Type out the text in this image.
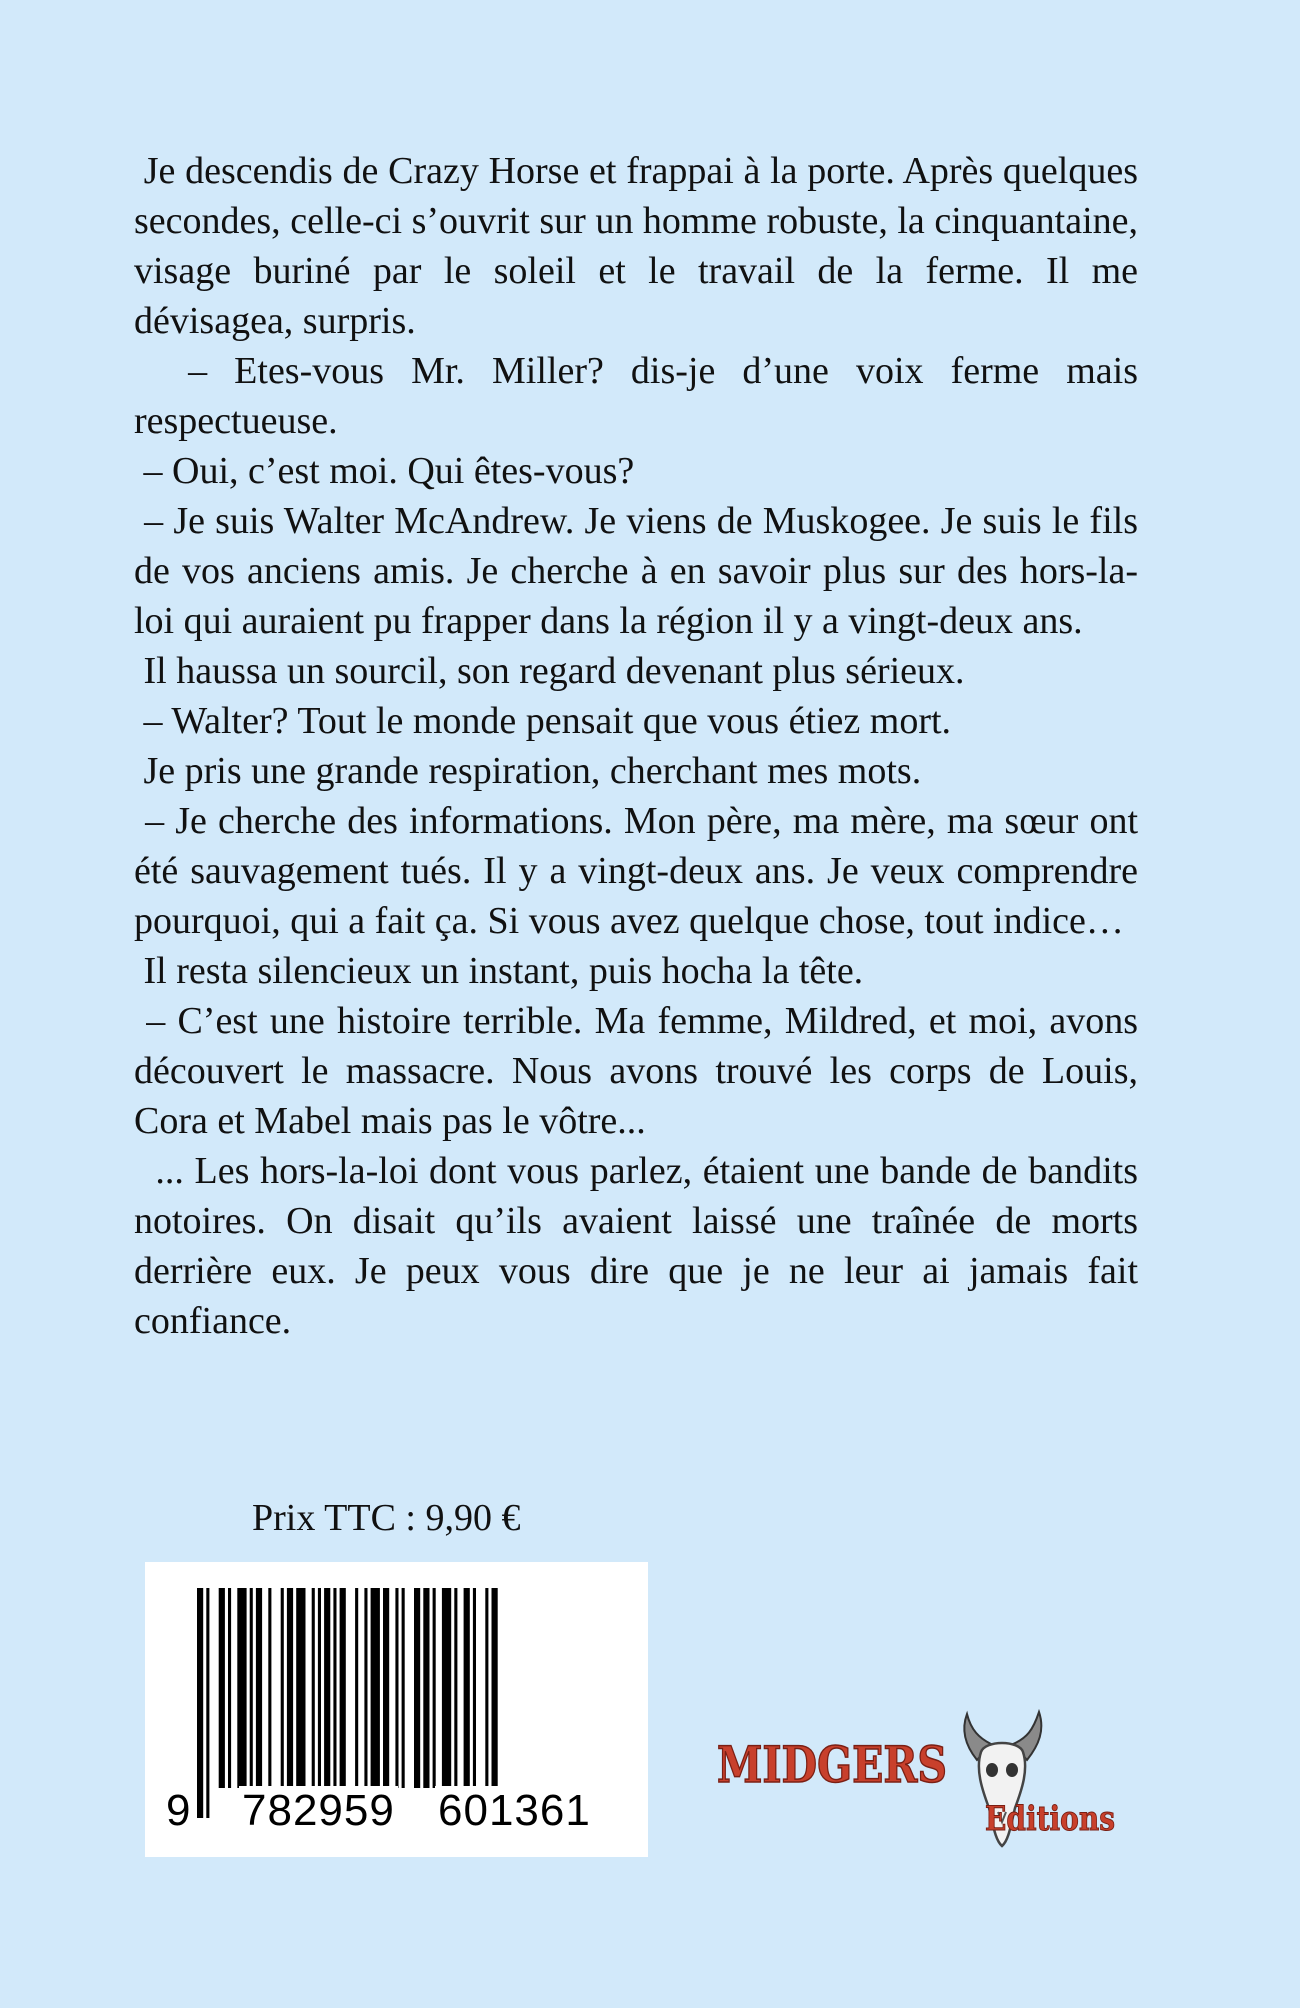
Je descendis de Crazy Horse et frappai à la porte. Après quelques secondes, celle-ci s’ouvrit sur un homme robuste, la cinquantaine, visage buriné par le soleil et le travail de la ferme. Il me dévisagea, surpris.

– Etes-vous Mr. Miller? dis-je d’une voix ferme mais respectueuse.

– Oui, c’est moi. Qui êtes-vous?

– Je suis Walter McAndrew. Je viens de Muskogee. Je suis le fils de vos anciens amis. Je cherche à en savoir plus sur des hors-la-loi qui auraient pu frapper dans la région il y a vingt-deux ans.

Il haussa un sourcil, son regard devenant plus sérieux.

– Walter? Tout le monde pensait que vous étiez mort.

Je pris une grande respiration, cherchant mes mots.

– Je cherche des informations. Mon père, ma mère, ma sœur ont été sauvagement tués. Il y a vingt-deux ans. Je veux comprendre pourquoi, qui a fait ça. Si vous avez quelque chose, tout indice…

Il resta silencieux un instant, puis hocha la tête.

– C’est une histoire terrible. Ma femme, Mildred, et moi, avons découvert le massacre. Nous avons trouvé les corps de Louis, Cora et Mabel mais pas le vôtre...

... Les hors-la-loi dont vous parlez, étaient une bande de bandits notoires. On disait qu’ils avaient laissé une traînée de morts derrière eux. Je peux vous dire que je ne leur ai jamais fait confiance.

Prix TTC : 9,90 €
9 782959 601361
MIDGERS
Editions
